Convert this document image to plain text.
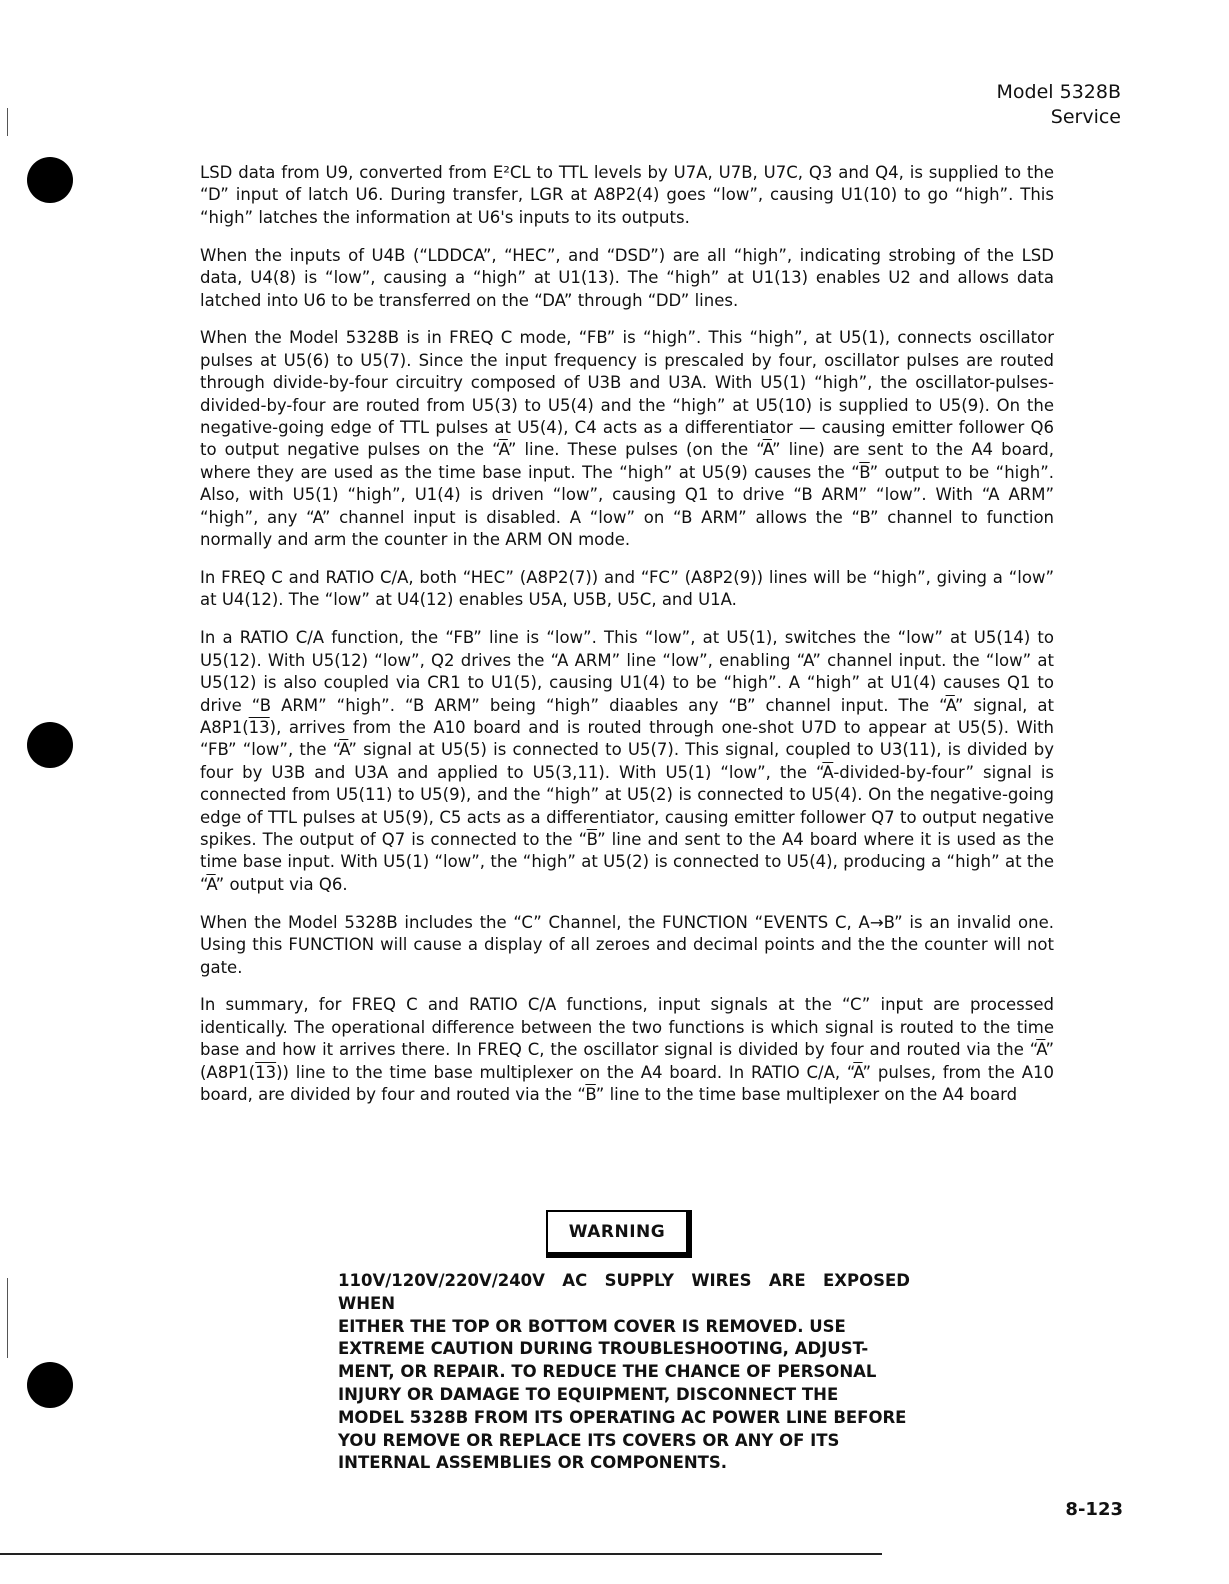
Model 5328B
Service

LSD data from U9, converted from E²CL to TTL levels by U7A, U7B, U7C, Q3 and Q4, is supplied to the “D” input of latch U6. During transfer, LGR at A8P2(4) goes “low”, causing U1(10) to go “high”. This “high” latches the information at U6's inputs to its outputs.

When the inputs of U4B (“LDDCA”, “HEC”, and “DSD”) are all “high”, indicating strobing of the LSD data, U4(8) is “low”, causing a “high” at U1(13). The “high” at U1(13) enables U2 and allows data latched into U6 to be transferred on the “DA” through “DD” lines.

When the Model 5328B is in FREQ C mode, “FB” is “high”. This “high”, at U5(1), connects oscillator pulses at U5(6) to U5(7). Since the input frequency is prescaled by four, oscillator pulses are routed through divide-by-four circuitry composed of U3B and U3A. With U5(1) “high”, the oscillator-pulses-divided-by-four are routed from U5(3) to U5(4) and the “high” at U5(10) is supplied to U5(9). On the negative-going edge of TTL pulses at U5(4), C4 acts as a differentiator — causing emitter follower Q6 to output negative pulses on the “$\overline{A}$” line. These pulses (on the “$\overline{A}$” line) are sent to the A4 board, where they are used as the time base input. The “high” at U5(9) causes the “$\overline{B}$” output to be “high”. Also, with U5(1) “high”, U1(4) is driven “low”, causing Q1 to drive “B ARM” “low”. With “A ARM” “high”, any “A” channel input is disabled. A “low” on “B ARM” allows the “B” channel to function normally and arm the counter in the ARM ON mode.

In FREQ C and RATIO C/A, both “HEC” (A8P2(7)) and “FC” (A8P2(9)) lines will be “high”, giving a “low” at U4(12). The “low” at U4(12) enables U5A, U5B, U5C, and U1A.

In a RATIO C/A function, the “FB” line is “low”. This “low”, at U5(1), switches the “low” at U5(14) to U5(12). With U5(12) “low”, Q2 drives the “A ARM” line “low”, enabling “A” channel input. the “low” at U5(12) is also coupled via CR1 to U1(5), causing U1(4) to be “high”. A “high” at U1(4) causes Q1 to drive “B ARM” “high”. “B ARM” being “high” diaables any “B” channel input. The “$\overline{A}$” signal, at A8P1(13), arrives from the A10 board and is routed through one-shot U7D to appear at U5(5). With “FB” “low”, the “$\overline{A}$” signal at U5(5) is connected to U5(7). This signal, coupled to U3(11), is divided by four by U3B and U3A and applied to U5(3,11). With U5(1) “low”, the “$\overline{A}-divided-by$-four” signal is connected from U5(11) to U5(9), and the “high” at U5(2) is connected to U5(4). On the negative-going edge of TTL pulses at U5(9), C5 acts as a differentiator, causing emitter follower Q7 to output negative spikes. The output of Q7 is connected to the “$\overline{B}$” line and sent to the A4 board where it is used as the time base input. With U5(1) “low”, the “high” at U5(2) is connected to U5(4), producing a “high” at the “$\overline{A}$” output via Q6.

When the Model 5328B includes the “C” Channel, the FUNCTION “EVENTS C, A→B” is an invalid one. Using this FUNCTION will cause a display of all zeroes and decimal points and the the counter will not gate.

In summary, for FREQ C and RATIO C/A functions, input signals at the “C” input are processed identically. The operational difference between the two functions is which signal is routed to the time base and how it arrives there. In FREQ C, the oscillator signal is divided by four and routed via the “$\overline{A}$” (A8P1(13)) line to the time base multiplexer on the A4 board. In RATIO C/A, “$\overline{A}$” pulses, from the A10 board, are divided by four and routed via the “$\overline{B}$” line to the time base multiplexer on the A4 board

WARNING
110V/120V/220V/240V AC SUPPLY WIRES ARE EXPOSED WHEN
EITHER THE TOP OR BOTTOM COVER IS REMOVED. USE
EXTREME CAUTION DURING TROUBLESHOOTING, ADJUST-
MENT, OR REPAIR. TO REDUCE THE CHANCE OF PERSONAL
INJURY OR DAMAGE TO EQUIPMENT, DISCONNECT THE
MODEL 5328B FROM ITS OPERATING AC POWER LINE BEFORE
YOU REMOVE OR REPLACE ITS COVERS OR ANY OF ITS
INTERNAL ASSEMBLIES OR COMPONENTS.
8-123
